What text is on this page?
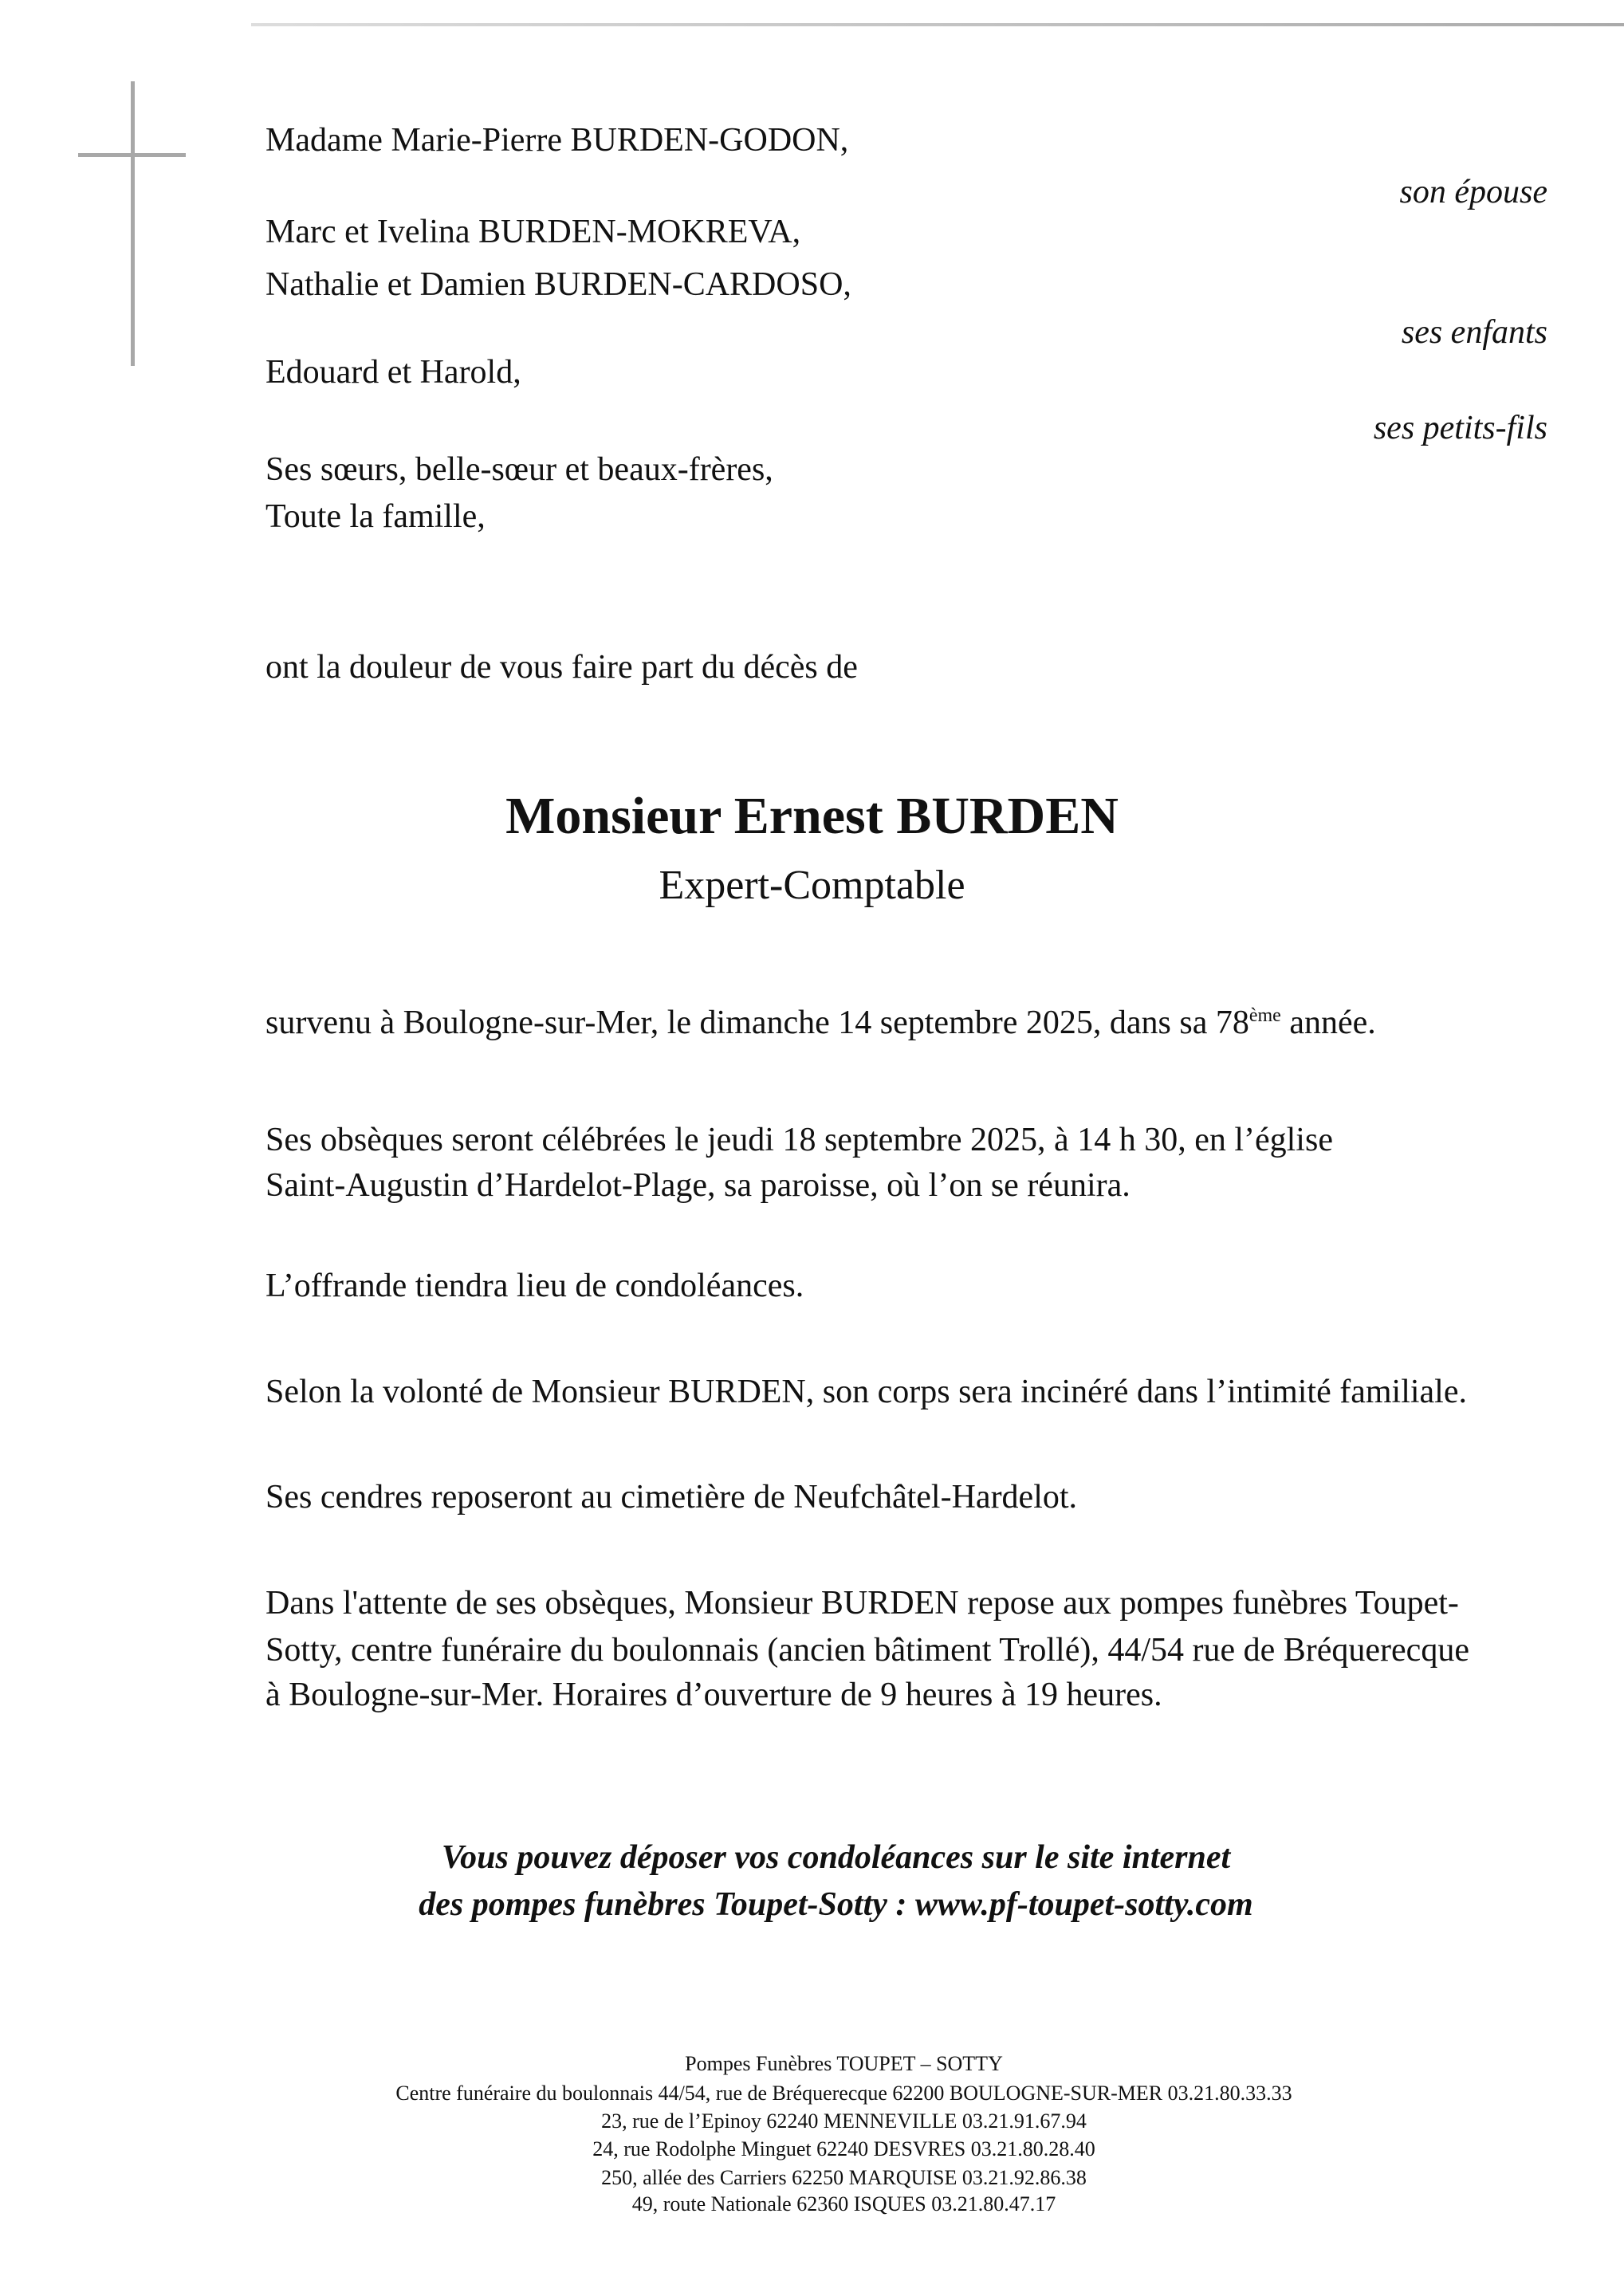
Madame Marie-Pierre BURDEN-GODON,
son épouse
Marc et Ivelina BURDEN-MOKREVA,
Nathalie et Damien BURDEN-CARDOSO,
ses enfants
Edouard et Harold,
ses petits-fils
Ses sœurs, belle-sœur et beaux-frères,
Toute la famille,
ont la douleur de vous faire part du décès de
Monsieur Ernest BURDEN
Expert-Comptable
survenu à Boulogne-sur-Mer, le dimanche 14 septembre 2025, dans sa 78ème année.
Ses obsèques seront célébrées le jeudi 18 septembre 2025, à 14 h 30, en l’église
Saint-Augustin d’Hardelot-Plage, sa paroisse, où l’on se réunira.
L’offrande tiendra lieu de condoléances.
Selon la volonté de Monsieur BURDEN, son corps sera incinéré dans l’intimité familiale.
Ses cendres reposeront au cimetière de Neufchâtel-Hardelot.
Dans l'attente de ses obsèques, Monsieur BURDEN repose aux pompes funèbres Toupet-
Sotty, centre funéraire du boulonnais (ancien bâtiment Trollé), 44/54 rue de Bréquerecque
à Boulogne-sur-Mer. Horaires d’ouverture de 9 heures à 19 heures.
Vous pouvez déposer vos condoléances sur le site internet
des pompes funèbres Toupet-Sotty : www.pf-toupet-sotty.com
Pompes Funèbres TOUPET – SOTTY
Centre funéraire du boulonnais 44/54, rue de Bréquerecque 62200 BOULOGNE-SUR-MER 03.21.80.33.33
23, rue de l’Epinoy 62240 MENNEVILLE 03.21.91.67.94
24, rue Rodolphe Minguet 62240 DESVRES 03.21.80.28.40
250, allée des Carriers 62250 MARQUISE 03.21.92.86.38
49, route Nationale 62360 ISQUES 03.21.80.47.17
